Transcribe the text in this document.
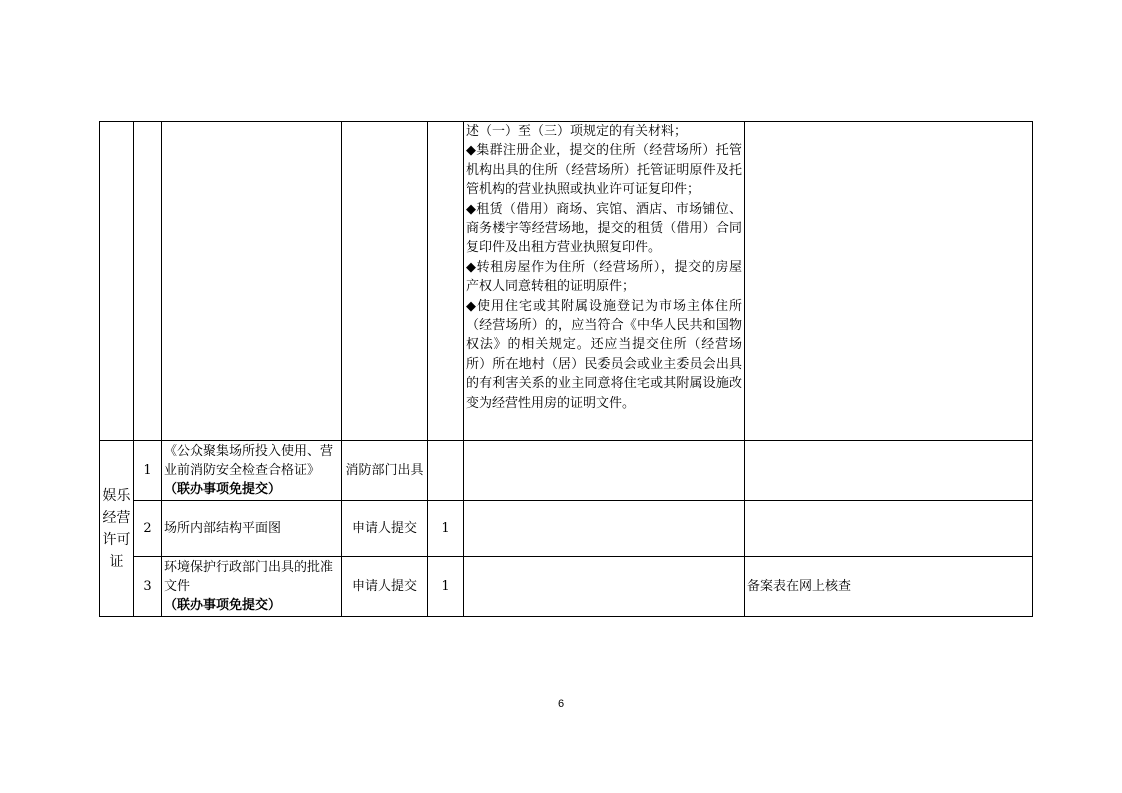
					述（一）至（三）项规定的有关材料；
◆集群注册企业，提交的住所（经营场所）托管机构出具的住所（经营场所）托管证明原件及托管机构的营业执照或执业许可证复印件；
◆租赁（借用）商场、宾馆、酒店、市场铺位、商务楼宇等经营场地，提交的租赁（借用）合同复印件及出租方营业执照复印件。
◆转租房屋作为住所（经营场所），提交的房屋产权人同意转租的证明原件；
◆使用住宅或其附属设施登记为市场主体住所（经营场所）的，应当符合《中华人民共和国物权法》的相关规定。还应当提交住所（经营场所）所在地村（居）民委员会或业主委员会出具的有利害关系的业主同意将住宅或其附属设施改变为经营性用房的证明文件。	

娱乐
经营
许可
证	1	《公众聚集场所投入使用、营业前消防安全检查合格证》
（联办事项免提交）	消防部门出具			
	2	场所内部结构平面图	申请人提交	1		
	3	环境保护行政部门出具的批准文件
（联办事项免提交）	申请人提交	1		备案表在网上核查
6
